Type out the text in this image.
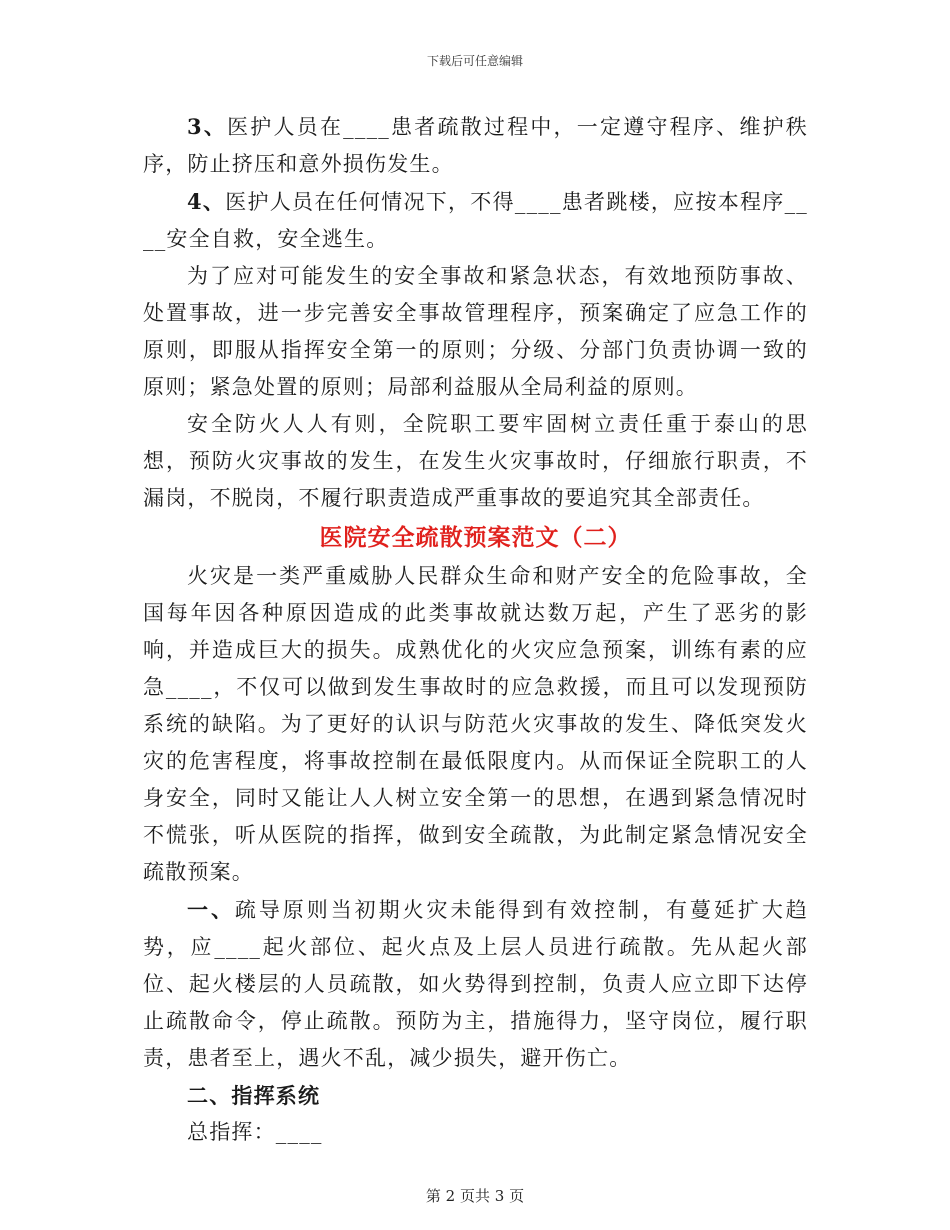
下载后可任意编辑

3、医护人员在____患者疏散过程中，一定遵守程序、维护秩序，防止挤压和意外损伤发生。

4、医护人员在任何情况下，不得____患者跳楼，应按本程序____安全自救，安全逃生。

为了应对可能发生的安全事故和紧急状态，有效地预防事故、处置事故，进一步完善安全事故管理程序，预案确定了应急工作的原则，即服从指挥安全第一的原则；分级、分部门负责协调一致的原则；紧急处置的原则；局部利益服从全局利益的原则。

安全防火人人有则，全院职工要牢固树立责任重于泰山的思想，预防火灾事故的发生，在发生火灾事故时，仔细旅行职责，不漏岗，不脱岗，不履行职责造成严重事故的要追究其全部责任。

医院安全疏散预案范文（二）

火灾是一类严重威胁人民群众生命和财产安全的危险事故，全国每年因各种原因造成的此类事故就达数万起，产生了恶劣的影响，并造成巨大的损失。成熟优化的火灾应急预案，训练有素的应急____，不仅可以做到发生事故时的应急救援，而且可以发现预防系统的缺陷。为了更好的认识与防范火灾事故的发生、降低突发火灾的危害程度，将事故控制在最低限度内。从而保证全院职工的人身安全，同时又能让人人树立安全第一的思想，在遇到紧急情况时不慌张，听从医院的指挥，做到安全疏散，为此制定紧急情况安全疏散预案。

一、疏导原则当初期火灾未能得到有效控制，有蔓延扩大趋势，应____起火部位、起火点及上层人员进行疏散。先从起火部位、起火楼层的人员疏散，如火势得到控制，负责人应立即下达停止疏散命令，停止疏散。预防为主，措施得力，坚守岗位，履行职责，患者至上，遇火不乱，减少损失，避开伤亡。

二、指挥系统

总指挥：____

第 2 页共 3 页
